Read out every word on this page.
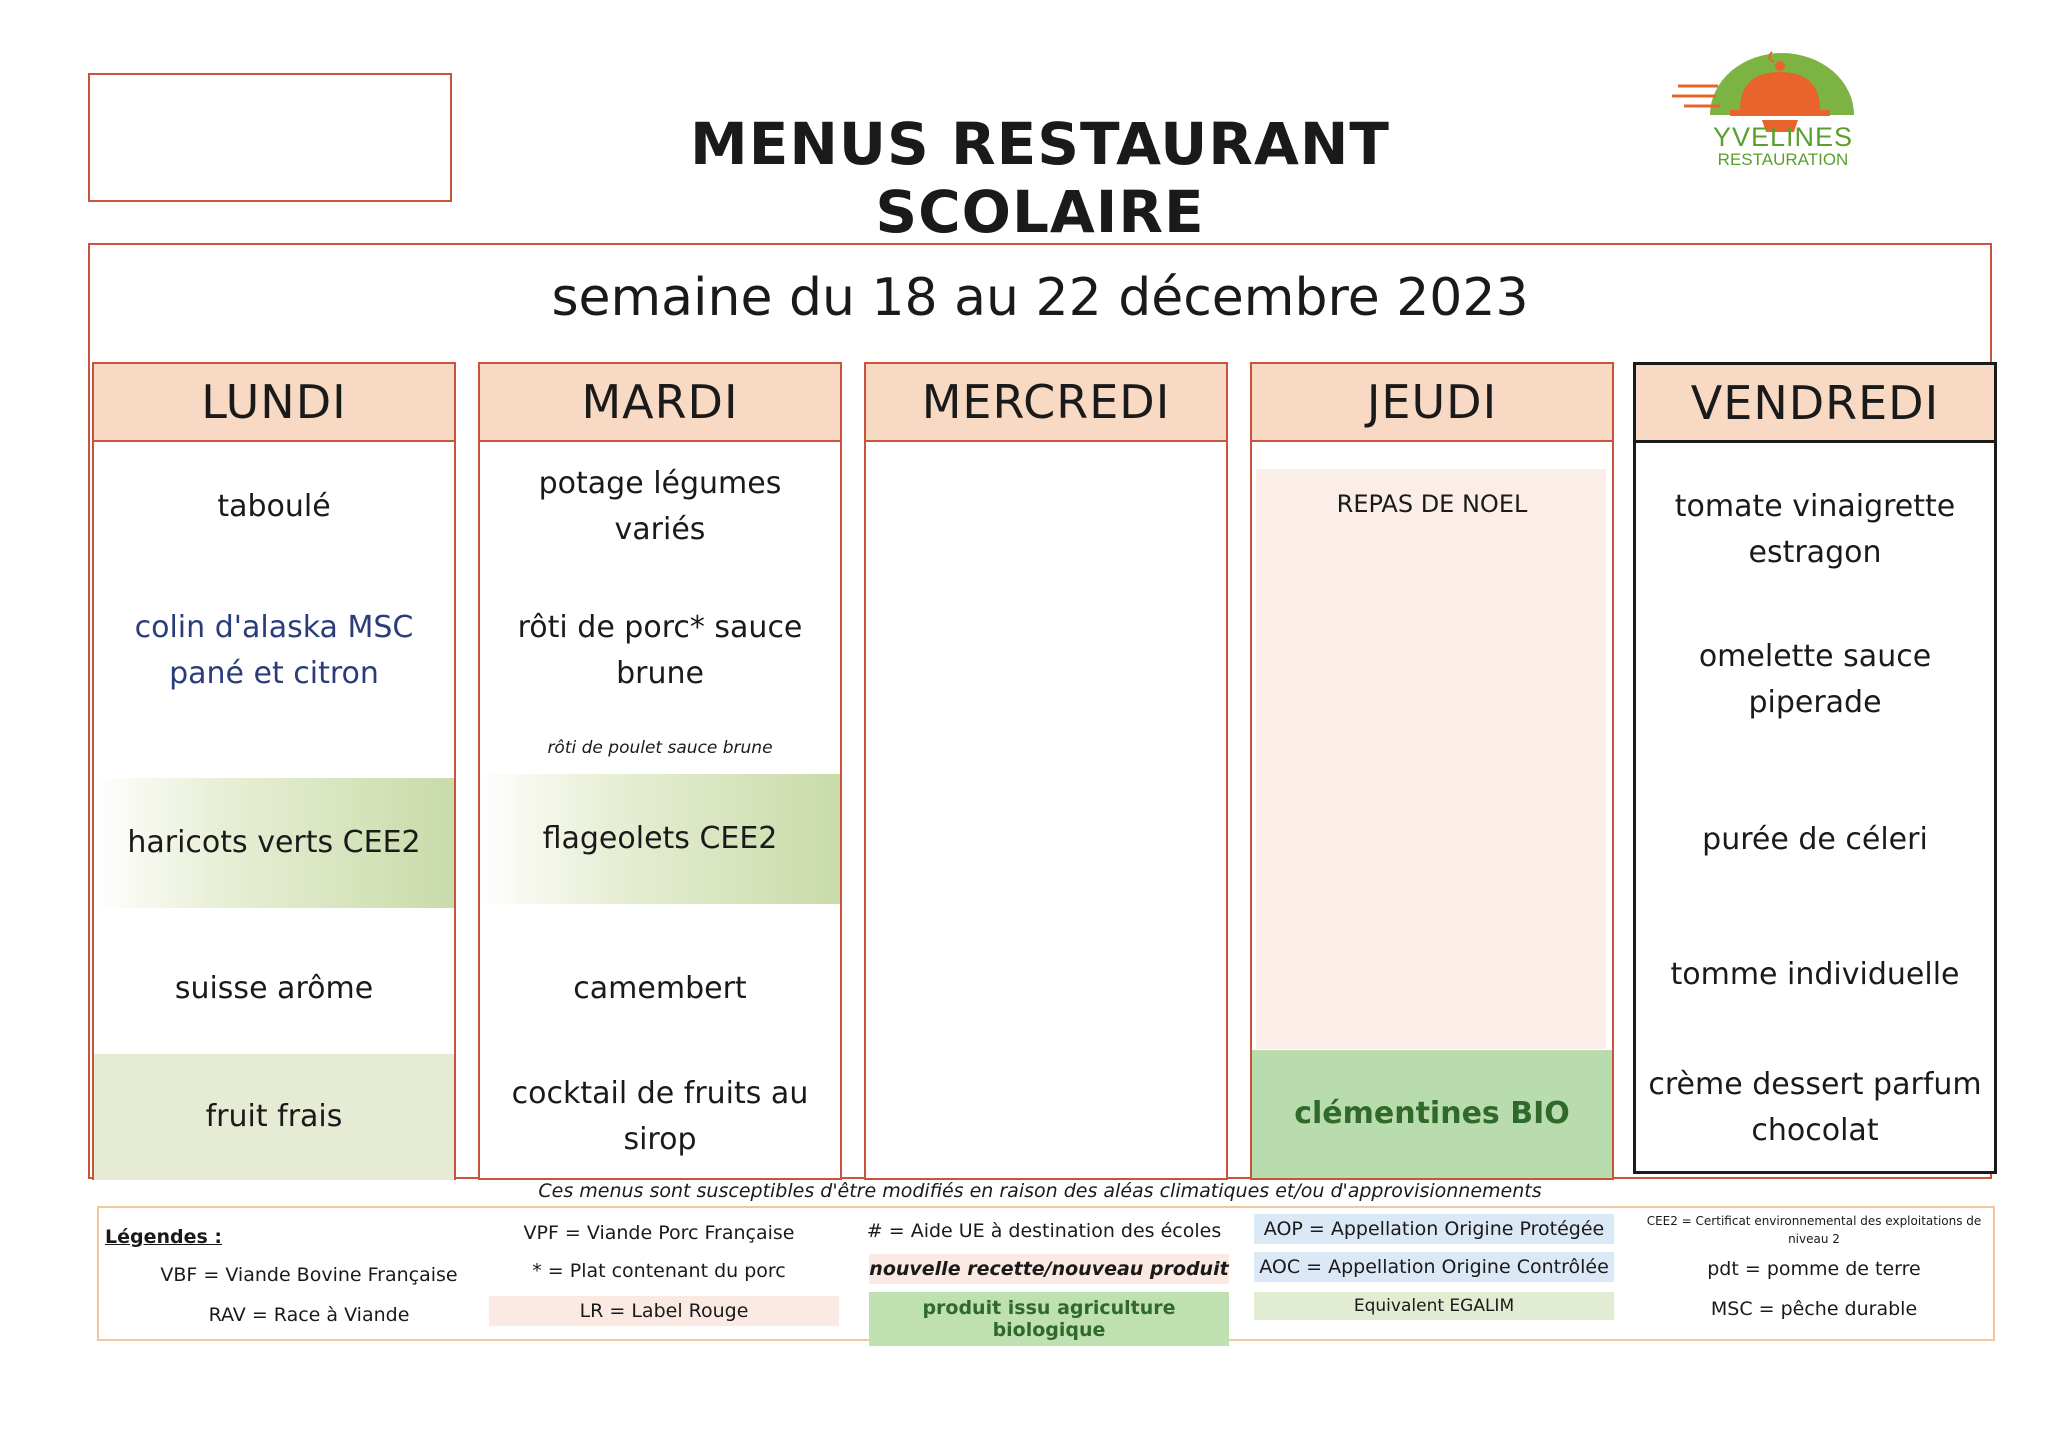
MENUS RESTAURANT SCOLAIRE
YVELINES
RESTAURATION
semaine du 18 au 22 décembre 2023
LUNDI
taboulé
colin d'alaska MSC pané et citron
haricots verts CEE2
suisse arôme
fruit frais
MARDI
potage légumes variés
rôti de porc* sauce brune
rôti de poulet sauce brune
flageolets CEE2
camembert
cocktail de fruits au sirop
MERCREDI	JEUDI
REPAS DE NOEL
clémentines BIO
VENDREDI
tomate vinaigrette estragon
omelette sauce piperade
purée de céleri
tomme individuelle
crème dessert parfum chocolat
Ces menus sont susceptibles d'être modifiés en raison des aléas climatiques et/ou d'approvisionnements
Légendes :
VBF = Viande Bovine Française
RAV = Race à Viande
VPF = Viande Porc Française
* = Plat contenant du porc
LR = Label Rouge
# = Aide UE à destination des écoles
nouvelle recette/nouveau produit
produit issu agriculture biologique
AOP = Appellation Origine Protégée
AOC = Appellation Origine Contrôlée
Equivalent EGALIM
CEE2 = Certificat environnemental des exploitations de niveau 2
pdt = pomme de terre
MSC = pêche durable
